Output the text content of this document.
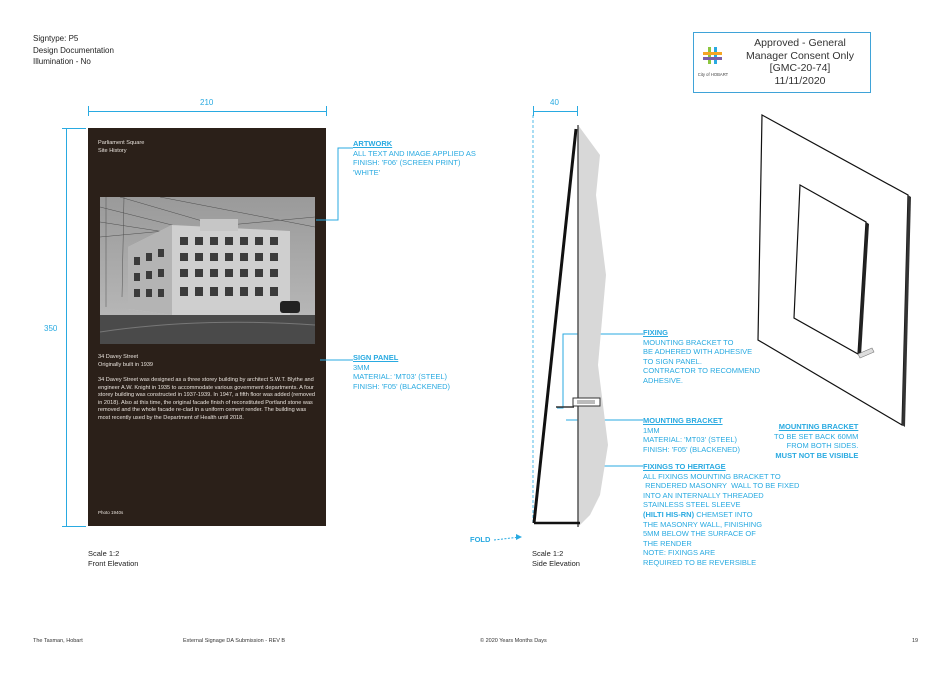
Signtype: P5
Design Documentation
Illumination - No
City of HOBART
Approved - General
Manager Consent Only
[GMC-20-74]
11/11/2020
210
350
Parliament Square
Site History
34 Davey Street
Originally built in 1939
34 Davey Street was designed as a three storey building by architect S.W.T. Blythe and engineer A.W. Knight in 1935 to accommodate various government departments. A four storey building was constructed in 1937-1939. In 1947, a fifth floor was added (removed in 2018). Also at this time, the original facade finish of reconstituted Portland stone was removed and the whole facade re-clad in a uniform cement render. The building was most recently used by the Department of Health until 2018.
Photo 1940s
ARTWORK
ALL TEXT AND IMAGE APPLIED AS
FINISH: 'F06' (SCREEN PRINT)
'WHITE'
SIGN PANEL
3MM
MATERIAL: 'MT03' (STEEL)
FINISH: 'F05' (BLACKENED)
Scale 1:2
Front Elevation
Scale 1:2
Side Elevation
40
FIXING
MOUNTING BRACKET TO
BE ADHERED WITH ADHESIVE
TO SIGN PANEL.
CONTRACTOR TO RECOMMEND
ADHESIVE.
MOUNTING BRACKET
1MM
MATERIAL: 'MT03' (STEEL)
FINISH: 'F05' (BLACKENED)
FIXINGS TO HERITAGE
ALL FIXINGS MOUNTING BRACKET TO
RENDERED MASONRY  WALL TO BE FIXED
INTO AN INTERNALLY THREADED
STAINLESS STEEL SLEEVE
(HILTI HIS-RN) CHEMSET INTO
THE MASONRY WALL, FINISHING
5MM BELOW THE SURFACE OF
THE RENDER
NOTE: FIXINGS ARE
REQUIRED TO BE REVERSIBLE
FOLD
MOUNTING BRACKET
TO BE SET BACK 60MM
FROM BOTH SIDES.
MUST NOT BE VISIBLE
The Tasman, Hobart	External Signage DA Submission - REV B	© 2020 Years Months Days	19
